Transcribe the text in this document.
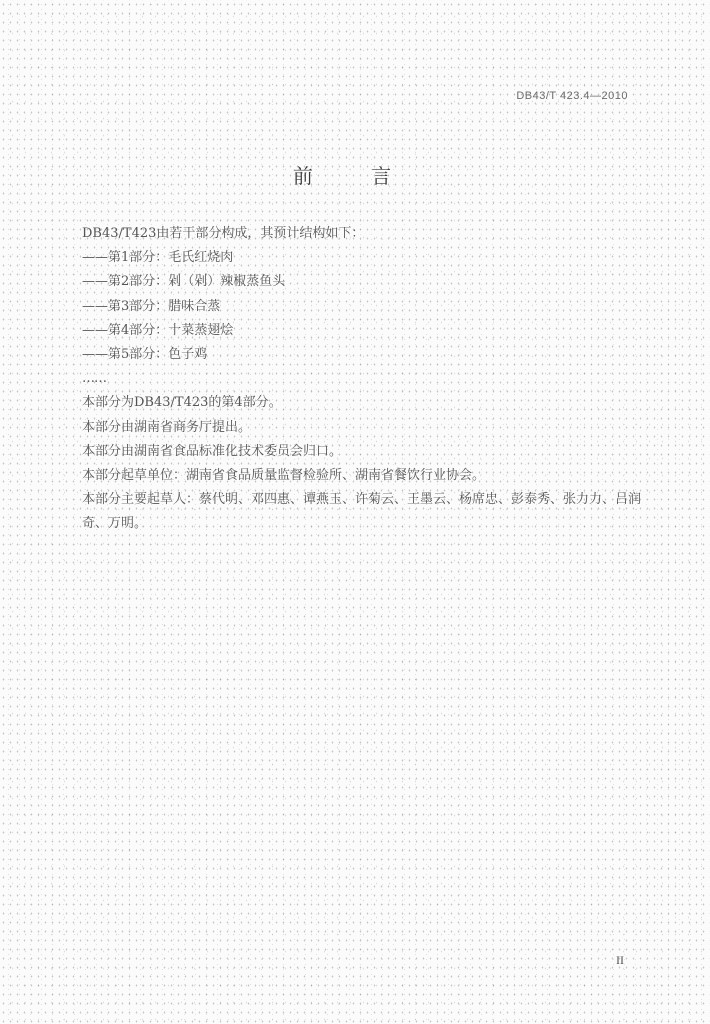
DB43/T 423.4—2010
前 言
DB43/T423由若干部分构成，其预计结构如下：
——第1部分：毛氏红烧肉
——第2部分：剁（剁）辣椒蒸鱼头
——第3部分：腊味合蒸
——第4部分：十菜蒸翅烩
——第5部分：色子鸡
……
本部分为DB43/T423的第4部分。
本部分由湖南省商务厅提出。
本部分由湖南省食品标准化技术委员会归口。
本部分起草单位：湖南省食品质量监督检验所、湖南省餐饮行业协会。
本部分主要起草人：蔡代明、邓四惠、谭燕玉、许菊云、王墨云、杨席忠、彭泰秀、张力力、吕润奇、万明。
II
